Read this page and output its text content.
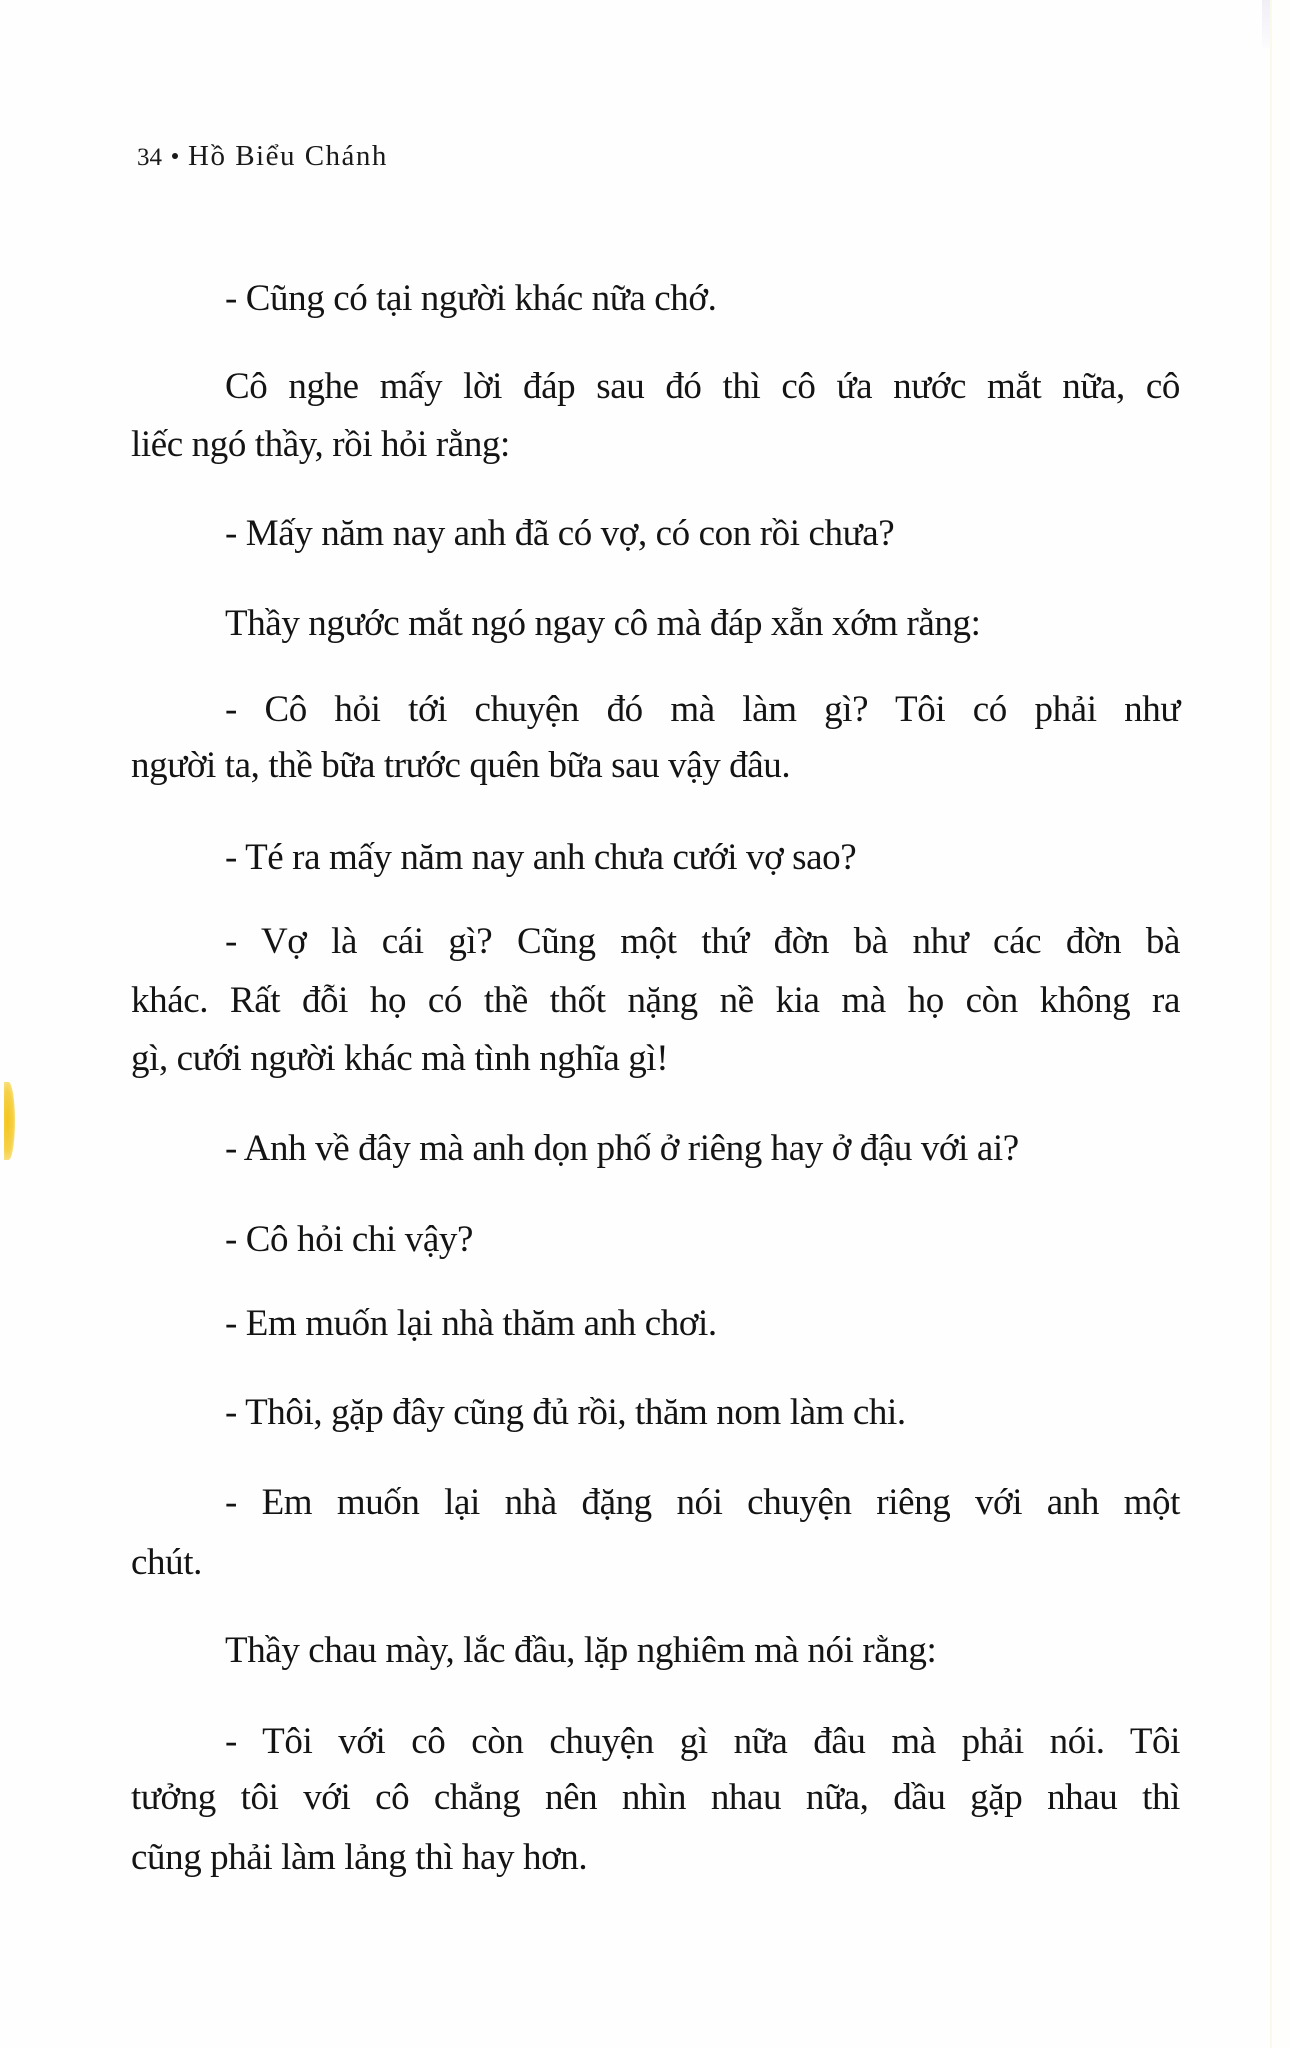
34 Hồ Biểu Chánh
- Cũng có tại người khác nữa chớ.
Cô nghe mấy lời đáp sau đó thì cô ứa nước mắt nữa, cô
liếc ngó thầy, rồi hỏi rằng:
- Mấy năm nay anh đã có vợ, có con rồi chưa?
Thầy ngước mắt ngó ngay cô mà đáp xẵn xớm rằng:
- Cô hỏi tới chuyện đó mà làm gì? Tôi có phải như
người ta, thề bữa trước quên bữa sau vậy đâu.
- Té ra mấy năm nay anh chưa cưới vợ sao?
- Vợ là cái gì? Cũng một thứ đờn bà như các đờn bà
khác. Rất đỗi họ có thề thốt nặng nề kia mà họ còn không ra
gì, cưới người khác mà tình nghĩa gì!
- Anh về đây mà anh dọn phố ở riêng hay ở đậu với ai?
- Cô hỏi chi vậy?
- Em muốn lại nhà thăm anh chơi.
- Thôi, gặp đây cũng đủ rồi, thăm nom làm chi.
- Em muốn lại nhà đặng nói chuyện riêng với anh một
chút.
Thầy chau mày, lắc đầu, lặp nghiêm mà nói rằng:
- Tôi với cô còn chuyện gì nữa đâu mà phải nói. Tôi
tưởng tôi với cô chẳng nên nhìn nhau nữa, dầu gặp nhau thì
cũng phải làm lảng thì hay hơn.
